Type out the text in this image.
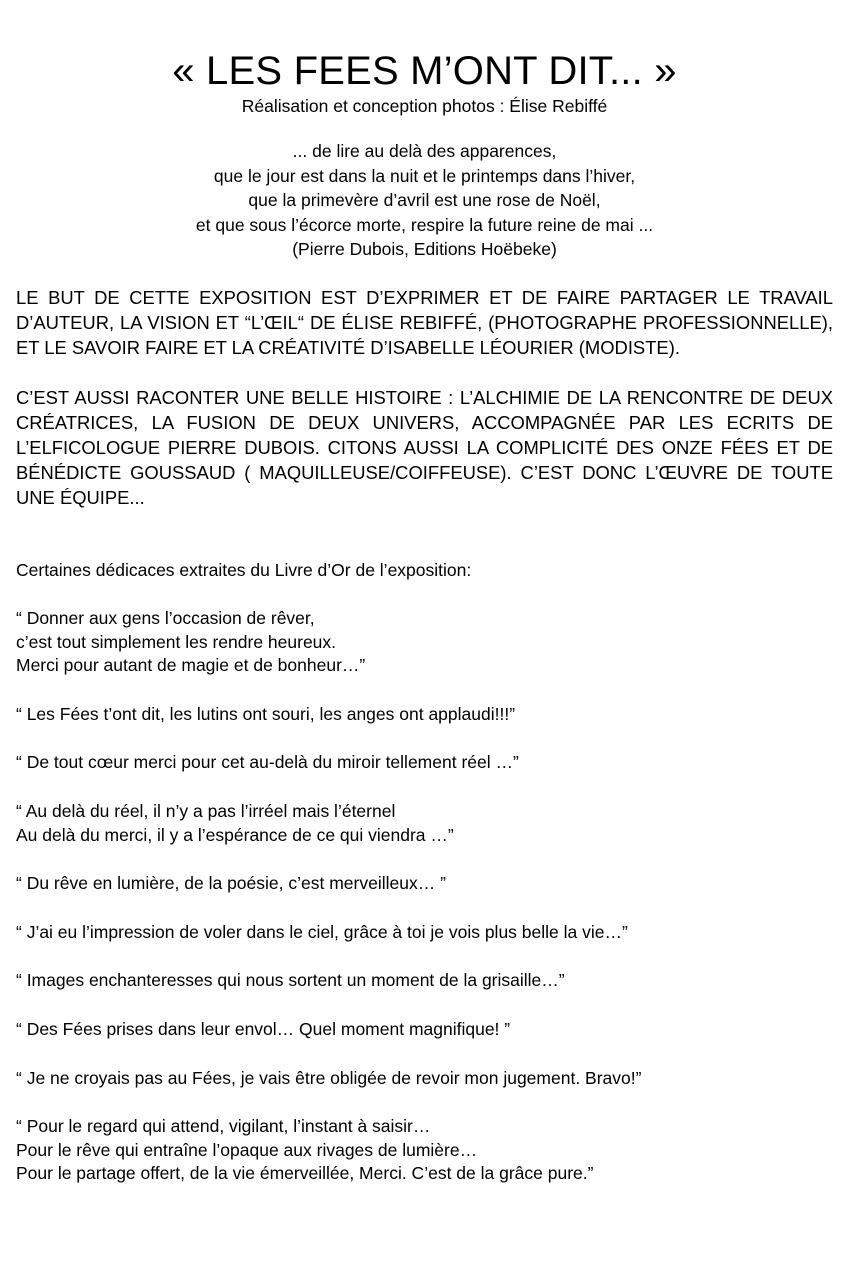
« LES FEES M’ONT DIT... »
Réalisation et conception photos : Élise Rebiffé
... de lire au delà des apparences,
que le jour est dans la nuit et le printemps dans l’hiver,
que la primevère d’avril est une rose de Noël,
et que sous l’écorce morte, respire la future reine de mai ...
(Pierre Dubois, Editions Hoëbeke)

LE BUT DE CETTE EXPOSITION EST D’EXPRIMER ET DE FAIRE PARTAGER LE TRAVAIL D’AUTEUR, LA VISION ET “L’ŒIL“ DE ÉLISE REBIFFÉ, (PHOTOGRAPHE PROFESSIONNELLE), ET LE SAVOIR FAIRE ET LA CRÉATIVITÉ D’ISABELLE LÉOURIER (MODISTE).

C’EST AUSSI RACONTER UNE BELLE HISTOIRE : L’ALCHIMIE DE LA RENCONTRE DE DEUX CRÉATRICES, LA FUSION DE DEUX UNIVERS, ACCOMPAGNÉE PAR LES ECRITS DE L’ELFICOLOGUE PIERRE DUBOIS. CITONS AUSSI LA COMPLICITÉ DES ONZE FÉES ET DE BÉNÉDICTE GOUSSAUD ( MAQUILLEUSE/COIFFEUSE). C’EST DONC L’ŒUVRE DE TOUTE UNE ÉQUIPE...

Certaines dédicaces extraites du Livre d’Or de l’exposition:
“ Donner aux gens l’occasion de rêver,
c’est tout simplement les rendre heureux.
Merci pour autant de magie et de bonheur…”
“ Les Fées t’ont dit, les lutins ont souri, les anges ont applaudi!!!”
“ De tout cœur merci pour cet au-delà du miroir tellement réel …”
“ Au delà du réel, il n’y a pas l’irréel mais l’éternel
Au delà du merci, il y a l’espérance de ce qui viendra …”
“ Du rêve en lumière, de la poésie, c’est merveilleux… ”
“ J’ai eu l’impression de voler dans le ciel, grâce à toi je vois plus belle la vie…”
“ Images enchanteresses qui nous sortent un moment de la grisaille…”
“ Des Fées prises dans leur envol… Quel moment magnifique! ”
“ Je ne croyais pas au Fées, je vais être obligée de revoir mon jugement. Bravo!”
“ Pour le regard qui attend, vigilant, l’instant à saisir…
Pour le rêve qui entraîne l’opaque aux rivages de lumière…
Pour le partage offert, de la vie émerveillée, Merci. C’est de la grâce pure.”
